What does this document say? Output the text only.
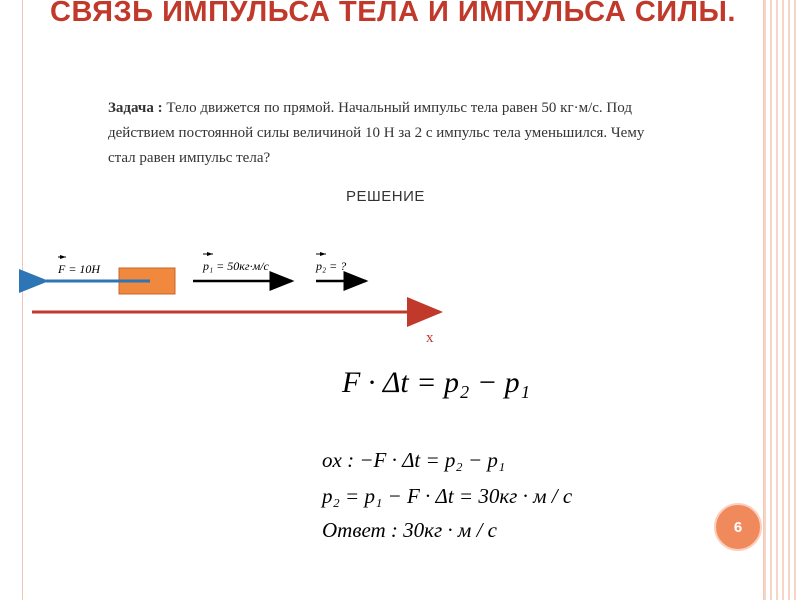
СВЯЗЬ ИМПУЛЬСА ТЕЛА И ИМПУЛЬСА СИЛЫ.
Задача : Тело движется по прямой. Начальный импульс тела равен 50 кг·м/с. Под действием постоянной силы величиной 10 Н за 2 с импульс тела уменьшился. Чему стал равен импульс тела?
РЕШЕНИЕ
F = 10H	p₁ = 50кг·м/с	p₂ = ?
x
F · Δt = p₂ − p₁
ox : −F · Δt = p₂ − p₁
p₂ = p₁ − F · Δt = 30кг · м / с
Ответ : 30кг · м / с	6
